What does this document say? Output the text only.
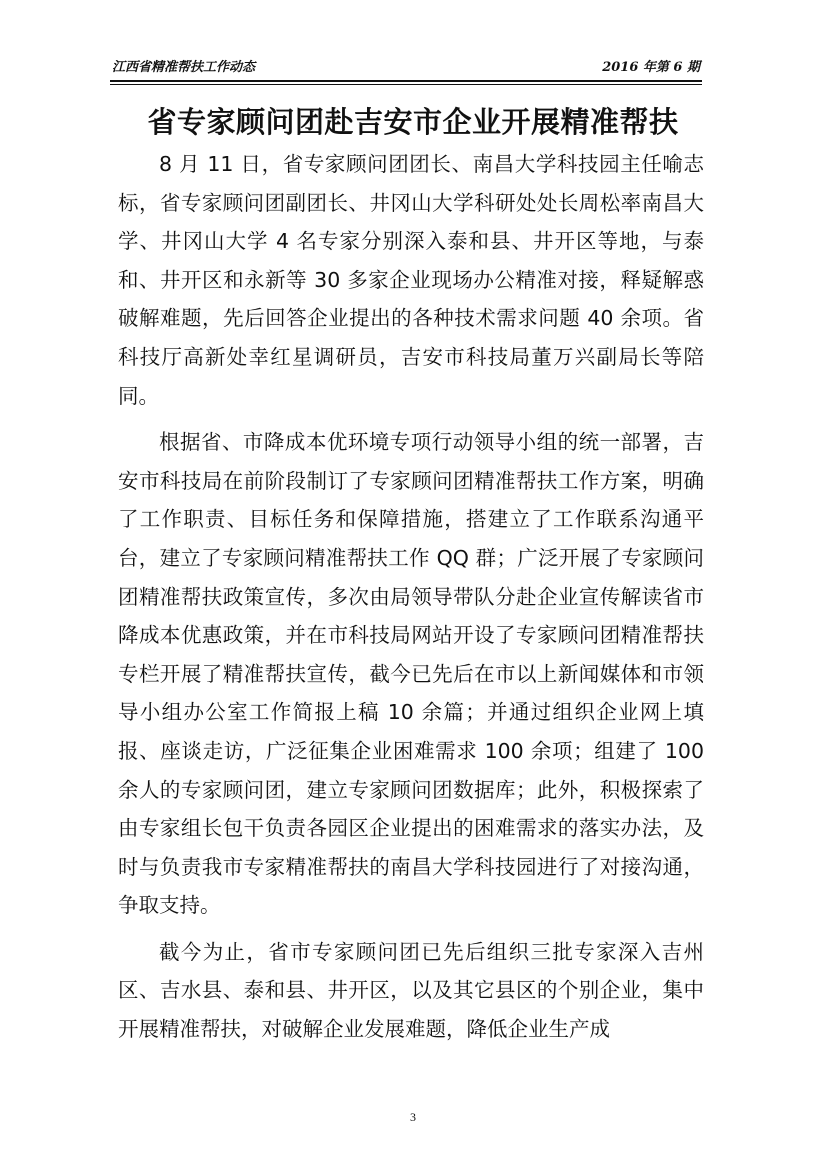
江西省精准帮扶工作动态	2016 年第 6 期
省专家顾问团赴吉安市企业开展精准帮扶

8 月 11 日，省专家顾问团团长、南昌大学科技园主任喻志标，省专家顾问团副团长、井冈山大学科研处处长周松率南昌大学、井冈山大学 4 名专家分别深入泰和县、井开区等地，与泰和、井开区和永新等 30 多家企业现场办公精准对接，释疑解惑破解难题，先后回答企业提出的各种技术需求问题 40 余项。省科技厅高新处幸红星调研员，吉安市科技局董万兴副局长等陪同。

根据省、市降成本优环境专项行动领导小组的统一部署，吉安市科技局在前阶段制订了专家顾问团精准帮扶工作方案，明确了工作职责、目标任务和保障措施，搭建立了工作联系沟通平台，建立了专家顾问精准帮扶工作 QQ 群；广泛开展了专家顾问团精准帮扶政策宣传，多次由局领导带队分赴企业宣传解读省市降成本优惠政策，并在市科技局网站开设了专家顾问团精准帮扶专栏开展了精准帮扶宣传，截今已先后在市以上新闻媒体和市领导小组办公室工作简报上稿 10 余篇；并通过组织企业网上填报、座谈走访，广泛征集企业困难需求 100 余项；组建了 100 余人的专家顾问团，建立专家顾问团数据库；此外，积极探索了由专家组长包干负责各园区企业提出的困难需求的落实办法，及时与负责我市专家精准帮扶的南昌大学科技园进行了对接沟通，争取支持。

截今为止，省市专家顾问团已先后组织三批专家深入吉州区、吉水县、泰和县、井开区，以及其它县区的个别企业，集中开展精准帮扶，对破解企业发展难题，降低企业生产成

3
